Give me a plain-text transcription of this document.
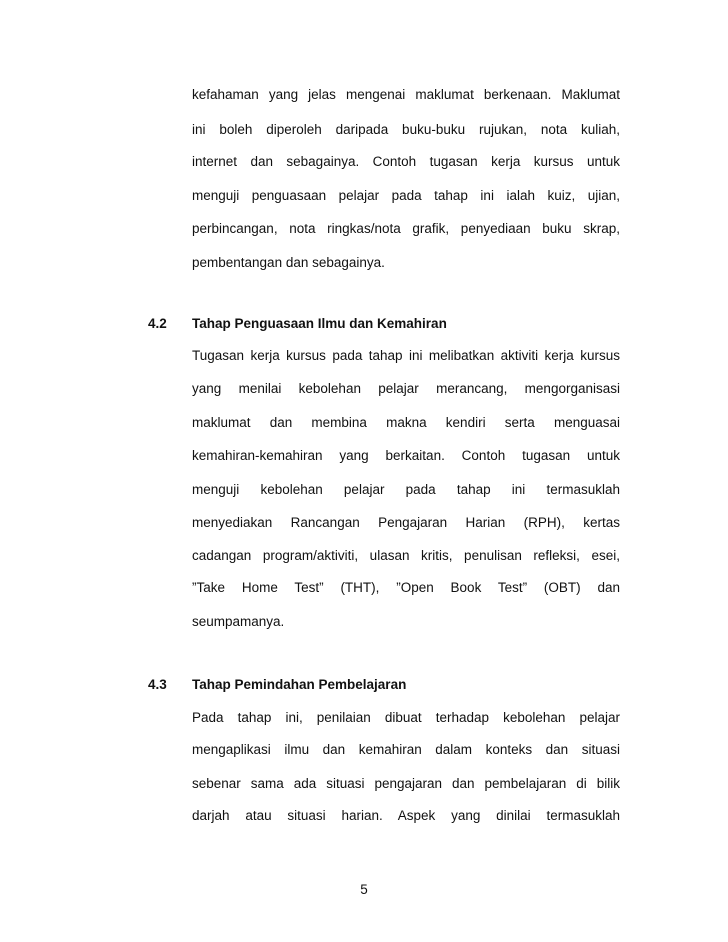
kefahaman yang jelas mengenai maklumat berkenaan. Maklumat
ini boleh diperoleh daripada buku-buku rujukan, nota kuliah,
internet dan sebagainya. Contoh tugasan kerja kursus untuk
menguji penguasaan pelajar pada tahap ini ialah kuiz, ujian,
perbincangan, nota ringkas/nota grafik, penyediaan buku skrap,
pembentangan dan sebagainya.
4.2 Tahap Penguasaan Ilmu dan Kemahiran
Tugasan kerja kursus pada tahap ini melibatkan aktiviti kerja kursus
yang menilai kebolehan pelajar merancang, mengorganisasi
maklumat dan membina makna kendiri serta menguasai
kemahiran-kemahiran yang berkaitan. Contoh tugasan untuk
menguji kebolehan pelajar pada tahap ini termasuklah
menyediakan Rancangan Pengajaran Harian (RPH), kertas
cadangan program/aktiviti, ulasan kritis, penulisan refleksi, esei,
”Take Home Test” (THT), ”Open Book Test” (OBT) dan
seumpamanya.
4.3 Tahap Pemindahan Pembelajaran
Pada tahap ini, penilaian dibuat terhadap kebolehan pelajar
mengaplikasi ilmu dan kemahiran dalam konteks dan situasi
sebenar sama ada situasi pengajaran dan pembelajaran di bilik
darjah atau situasi harian. Aspek yang dinilai termasuklah
5
